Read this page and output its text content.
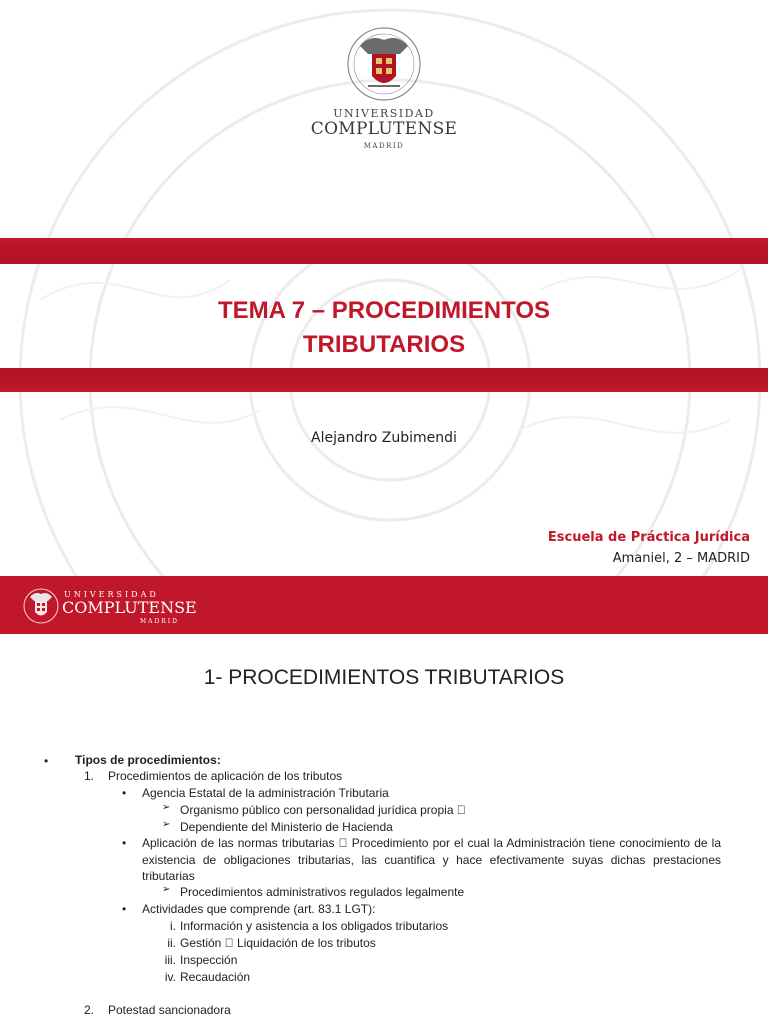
UNIVERSIDAD
COMPLUTENSE
MADRID
TEMA 7 – PROCEDIMIENTOS
TRIBUTARIOS
Alejandro Zubimendi
Escuela de Práctica Jurídica
Amaniel, 2 – MADRID
UNIVERSIDAD
COMPLUTENSE
MADRID
1- PROCEDIMIENTOS TRIBUTARIOS
• Tipos de procedimientos:
1. Procedimientos de aplicación de los tributos
• Agencia Estatal de la administración Tributaria
➢ Organismo público con personalidad jurídica propia
➢ Dependiente del Ministerio de Hacienda
• Aplicación de las normas tributarias Procedimiento por el cual la Administración tiene conocimiento de la existencia de obligaciones tributarias, las cuantifica y hace efectivamente suyas dichas prestaciones tributarias
➢ Procedimientos administrativos regulados legalmente
• Actividades que comprende (art. 83.1 LGT):
i. Información y asistencia a los obligados tributarios
ii. Gestión Liquidación de los tributos
iii. Inspección
iv. Recaudación
2. Potestad sancionadora
